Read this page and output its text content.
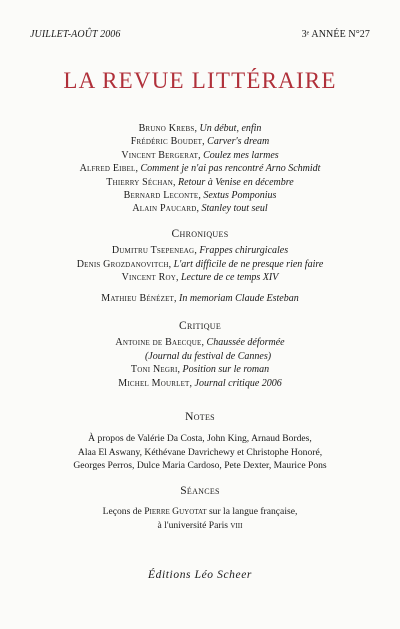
JUILLET-AOÛT 2006	3ᵉ ANNÉE N°27
LA REVUE LITTÉRAIRE
Bruno Krebs, Un début, enfin
Frédéric Boudet, Carver's dream
Vincent Bergerat, Coulez mes larmes
Alfred Eibel, Comment je n'ai pas rencontré Arno Schmidt
Thierry Séchan, Retour à Venise en décembre
Bernard Leconte, Sextus Pomponius
Alain Paucard, Stanley tout seul
Chroniques
Dumitru Tsepeneag, Frappes chirurgicales
Denis Grozdanovitch, L'art difficile de ne presque rien faire
Vincent Roy, Lecture de ce temps XIV
Mathieu Bénézet, In memoriam Claude Esteban
Critique
Antoine de Baecque, Chaussée déformée
(Journal du festival de Cannes)
Toni Negri, Position sur le roman
Michel Mourlet, Journal critique 2006
Notes
À propos de Valérie Da Costa, John King, Arnaud Bordes,
Alaa El Aswany, Kéthévane Davrichewy et Christophe Honoré,
Georges Perros, Dulce Maria Cardoso, Pete Dexter, Maurice Pons
Séances
Leçons de Pierre Guyotat sur la langue française,
à l'université Paris viii
Éditions Léo Scheer
